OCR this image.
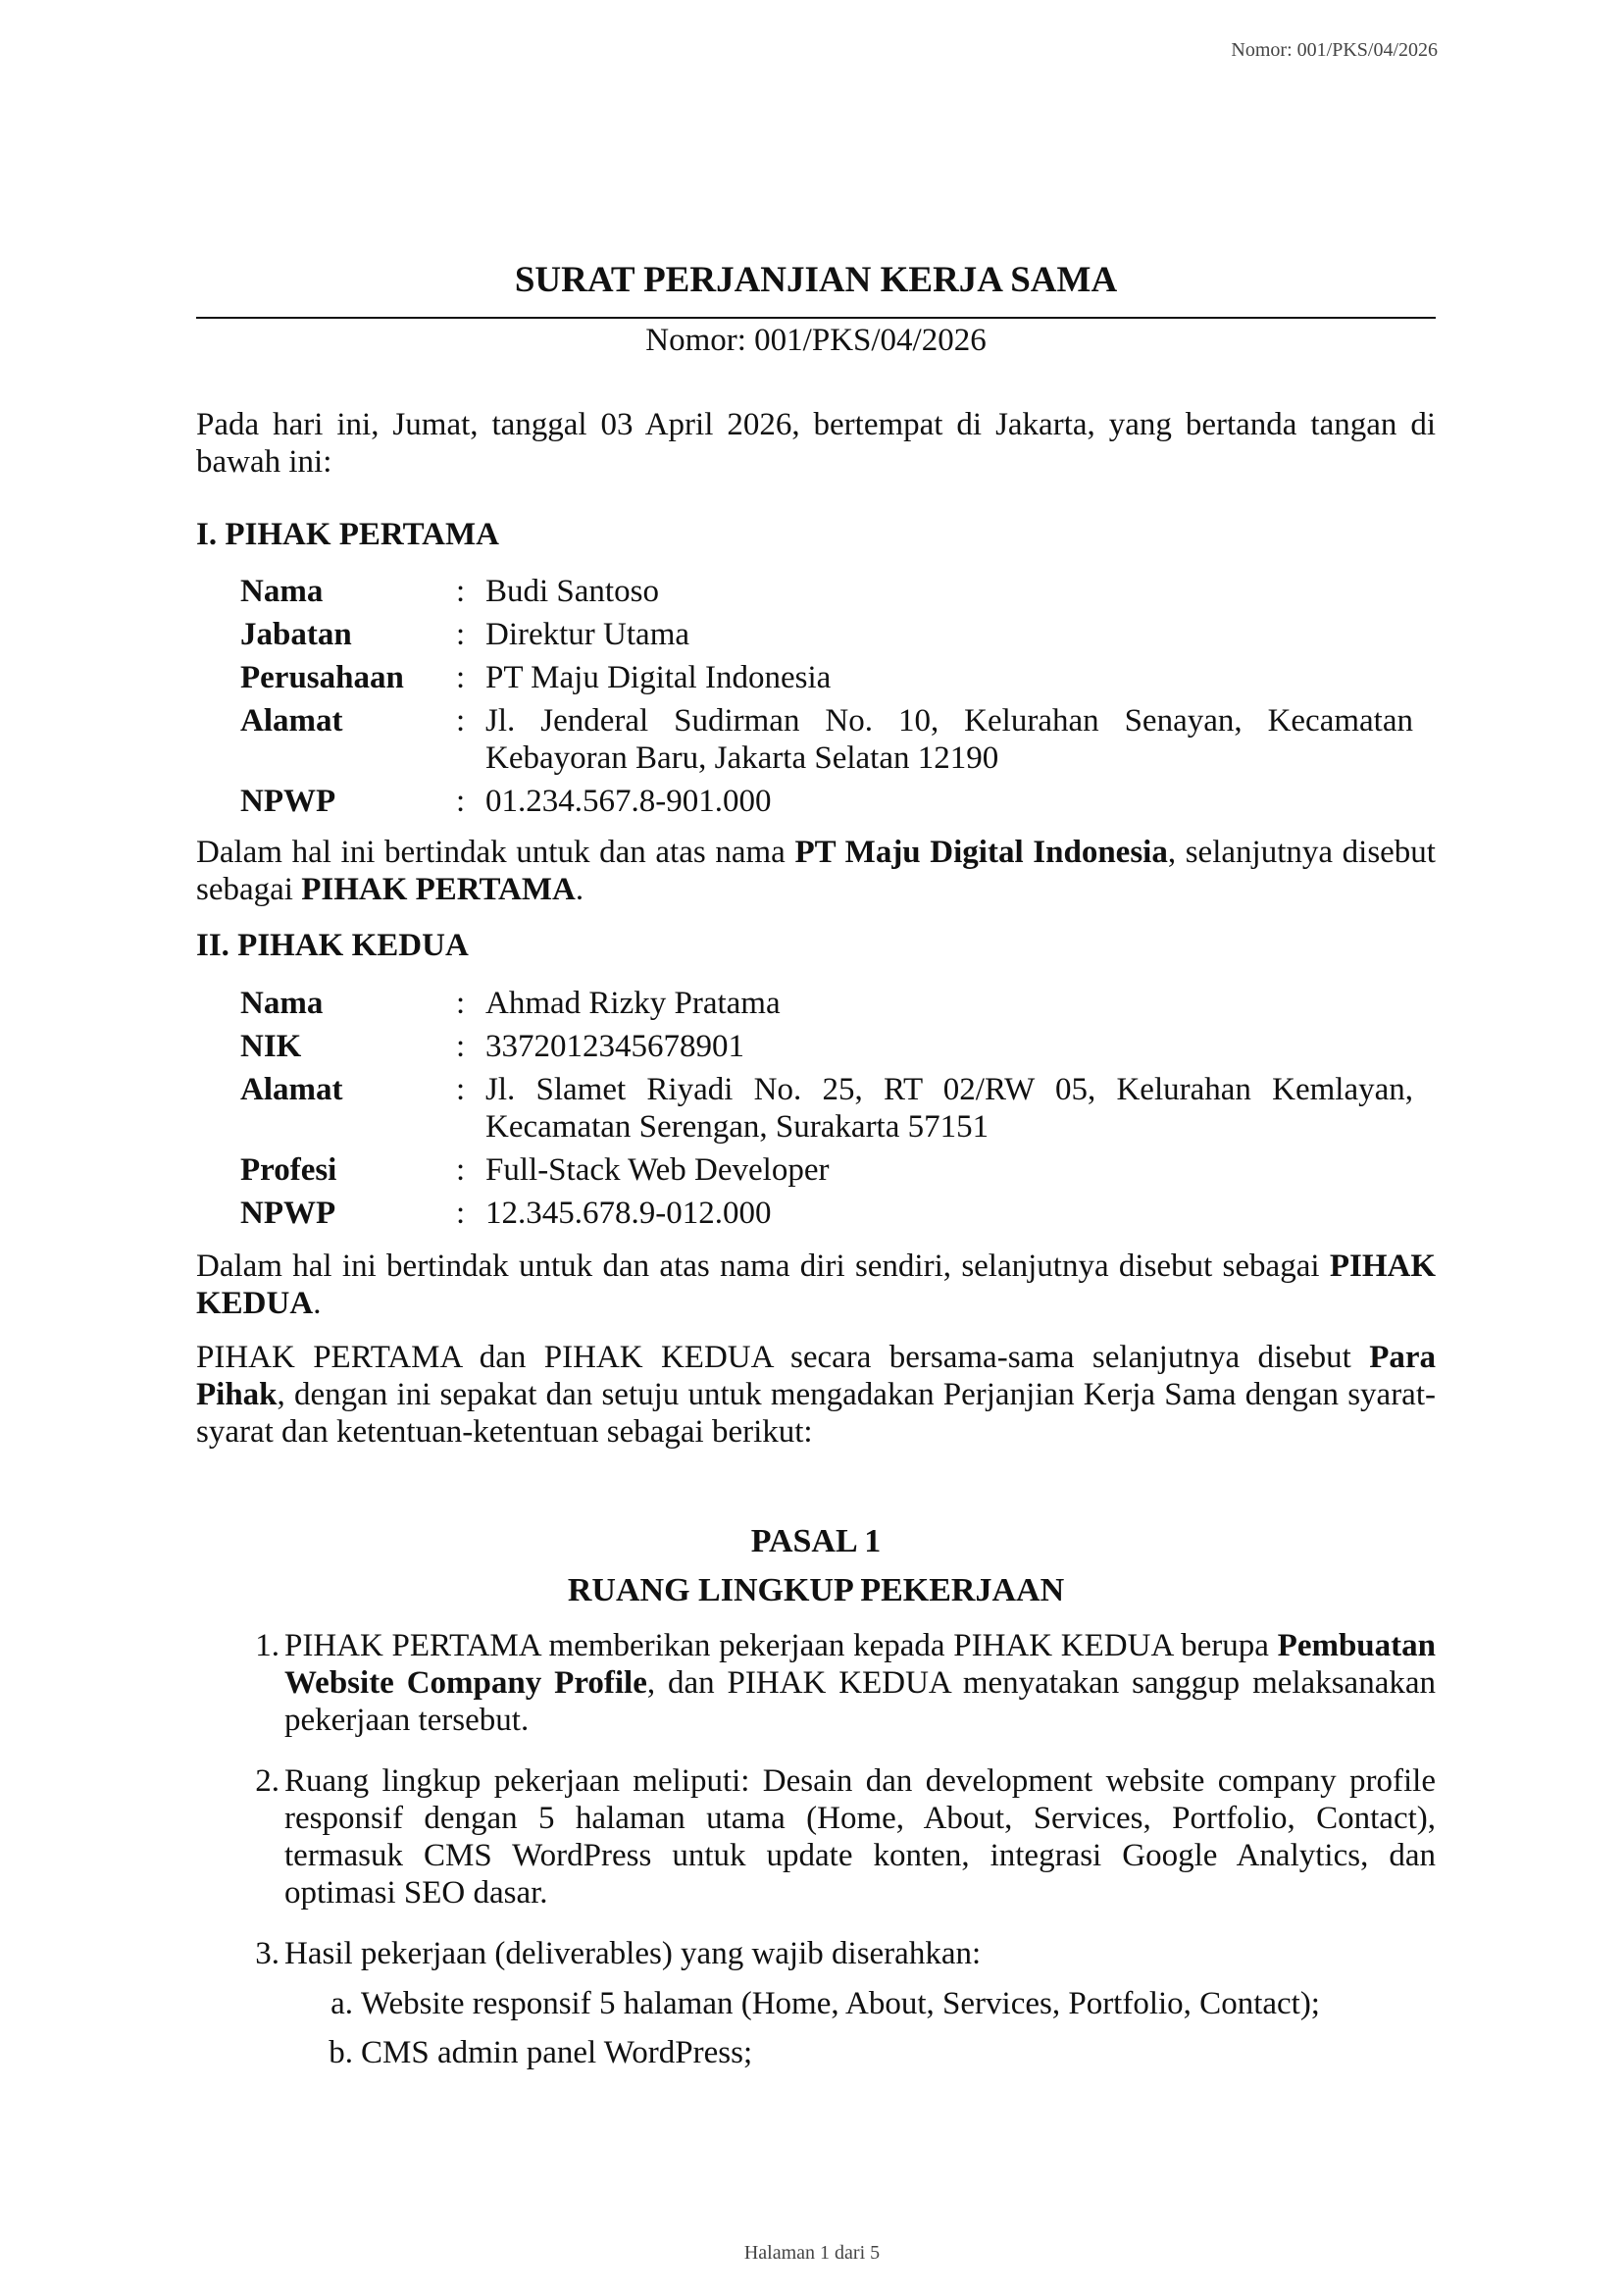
Nomor: 001/PKS/04/2026
SURAT PERJANJIAN KERJA SAMA
Nomor: 001/PKS/04/2026

Pada hari ini, Jumat, tanggal 03 April 2026, bertempat di Jakarta, yang bertanda tangan di bawah ini:

I. PIHAK PERTAMA

Nama	:	Budi Santoso
Jabatan	:	Direktur Utama
Perusahaan	:	PT Maju Digital Indonesia
Alamat	:	Jl. Jenderal Sudirman No. 10, Kelurahan Senayan, Kecamatan Kebayoran Baru, Jakarta Selatan 12190
NPWP	:	01.234.567.8-901.000

Dalam hal ini bertindak untuk dan atas nama PT Maju Digital Indonesia, selanjutnya disebut sebagai PIHAK PERTAMA.

II. PIHAK KEDUA

Nama	:	Ahmad Rizky Pratama
NIK	:	3372012345678901
Alamat	:	Jl. Slamet Riyadi No. 25, RT 02/RW 05, Kelurahan Kemlayan, Kecamatan Serengan, Surakarta 57151
Profesi	:	Full-Stack Web Developer
NPWP	:	12.345.678.9-012.000

Dalam hal ini bertindak untuk dan atas nama diri sendiri, selanjutnya disebut sebagai PIHAK KEDUA.

PIHAK PERTAMA dan PIHAK KEDUA secara bersama-sama selanjutnya disebut Para Pihak, dengan ini sepakat dan setuju untuk mengadakan Perjanjian Kerja Sama dengan syarat-syarat dan ketentuan-ketentuan sebagai berikut:

PASAL 1

RUANG LINGKUP PEKERJAAN

1. PIHAK PERTAMA memberikan pekerjaan kepada PIHAK KEDUA berupa Pembuatan Website Company Profile, dan PIHAK KEDUA menyatakan sanggup melaksanakan pekerjaan tersebut.
2. Ruang lingkup pekerjaan meliputi: Desain dan development website company profile responsif dengan 5 halaman utama (Home, About, Services, Portfolio, Contact), termasuk CMS WordPress untuk update konten, integrasi Google Analytics, dan optimasi SEO dasar.
3. Hasil pekerjaan (deliverables) yang wajib diserahkan:
a. Website responsif 5 halaman (Home, About, Services, Portfolio, Contact);
b. CMS admin panel WordPress;
Halaman 1 dari 5
